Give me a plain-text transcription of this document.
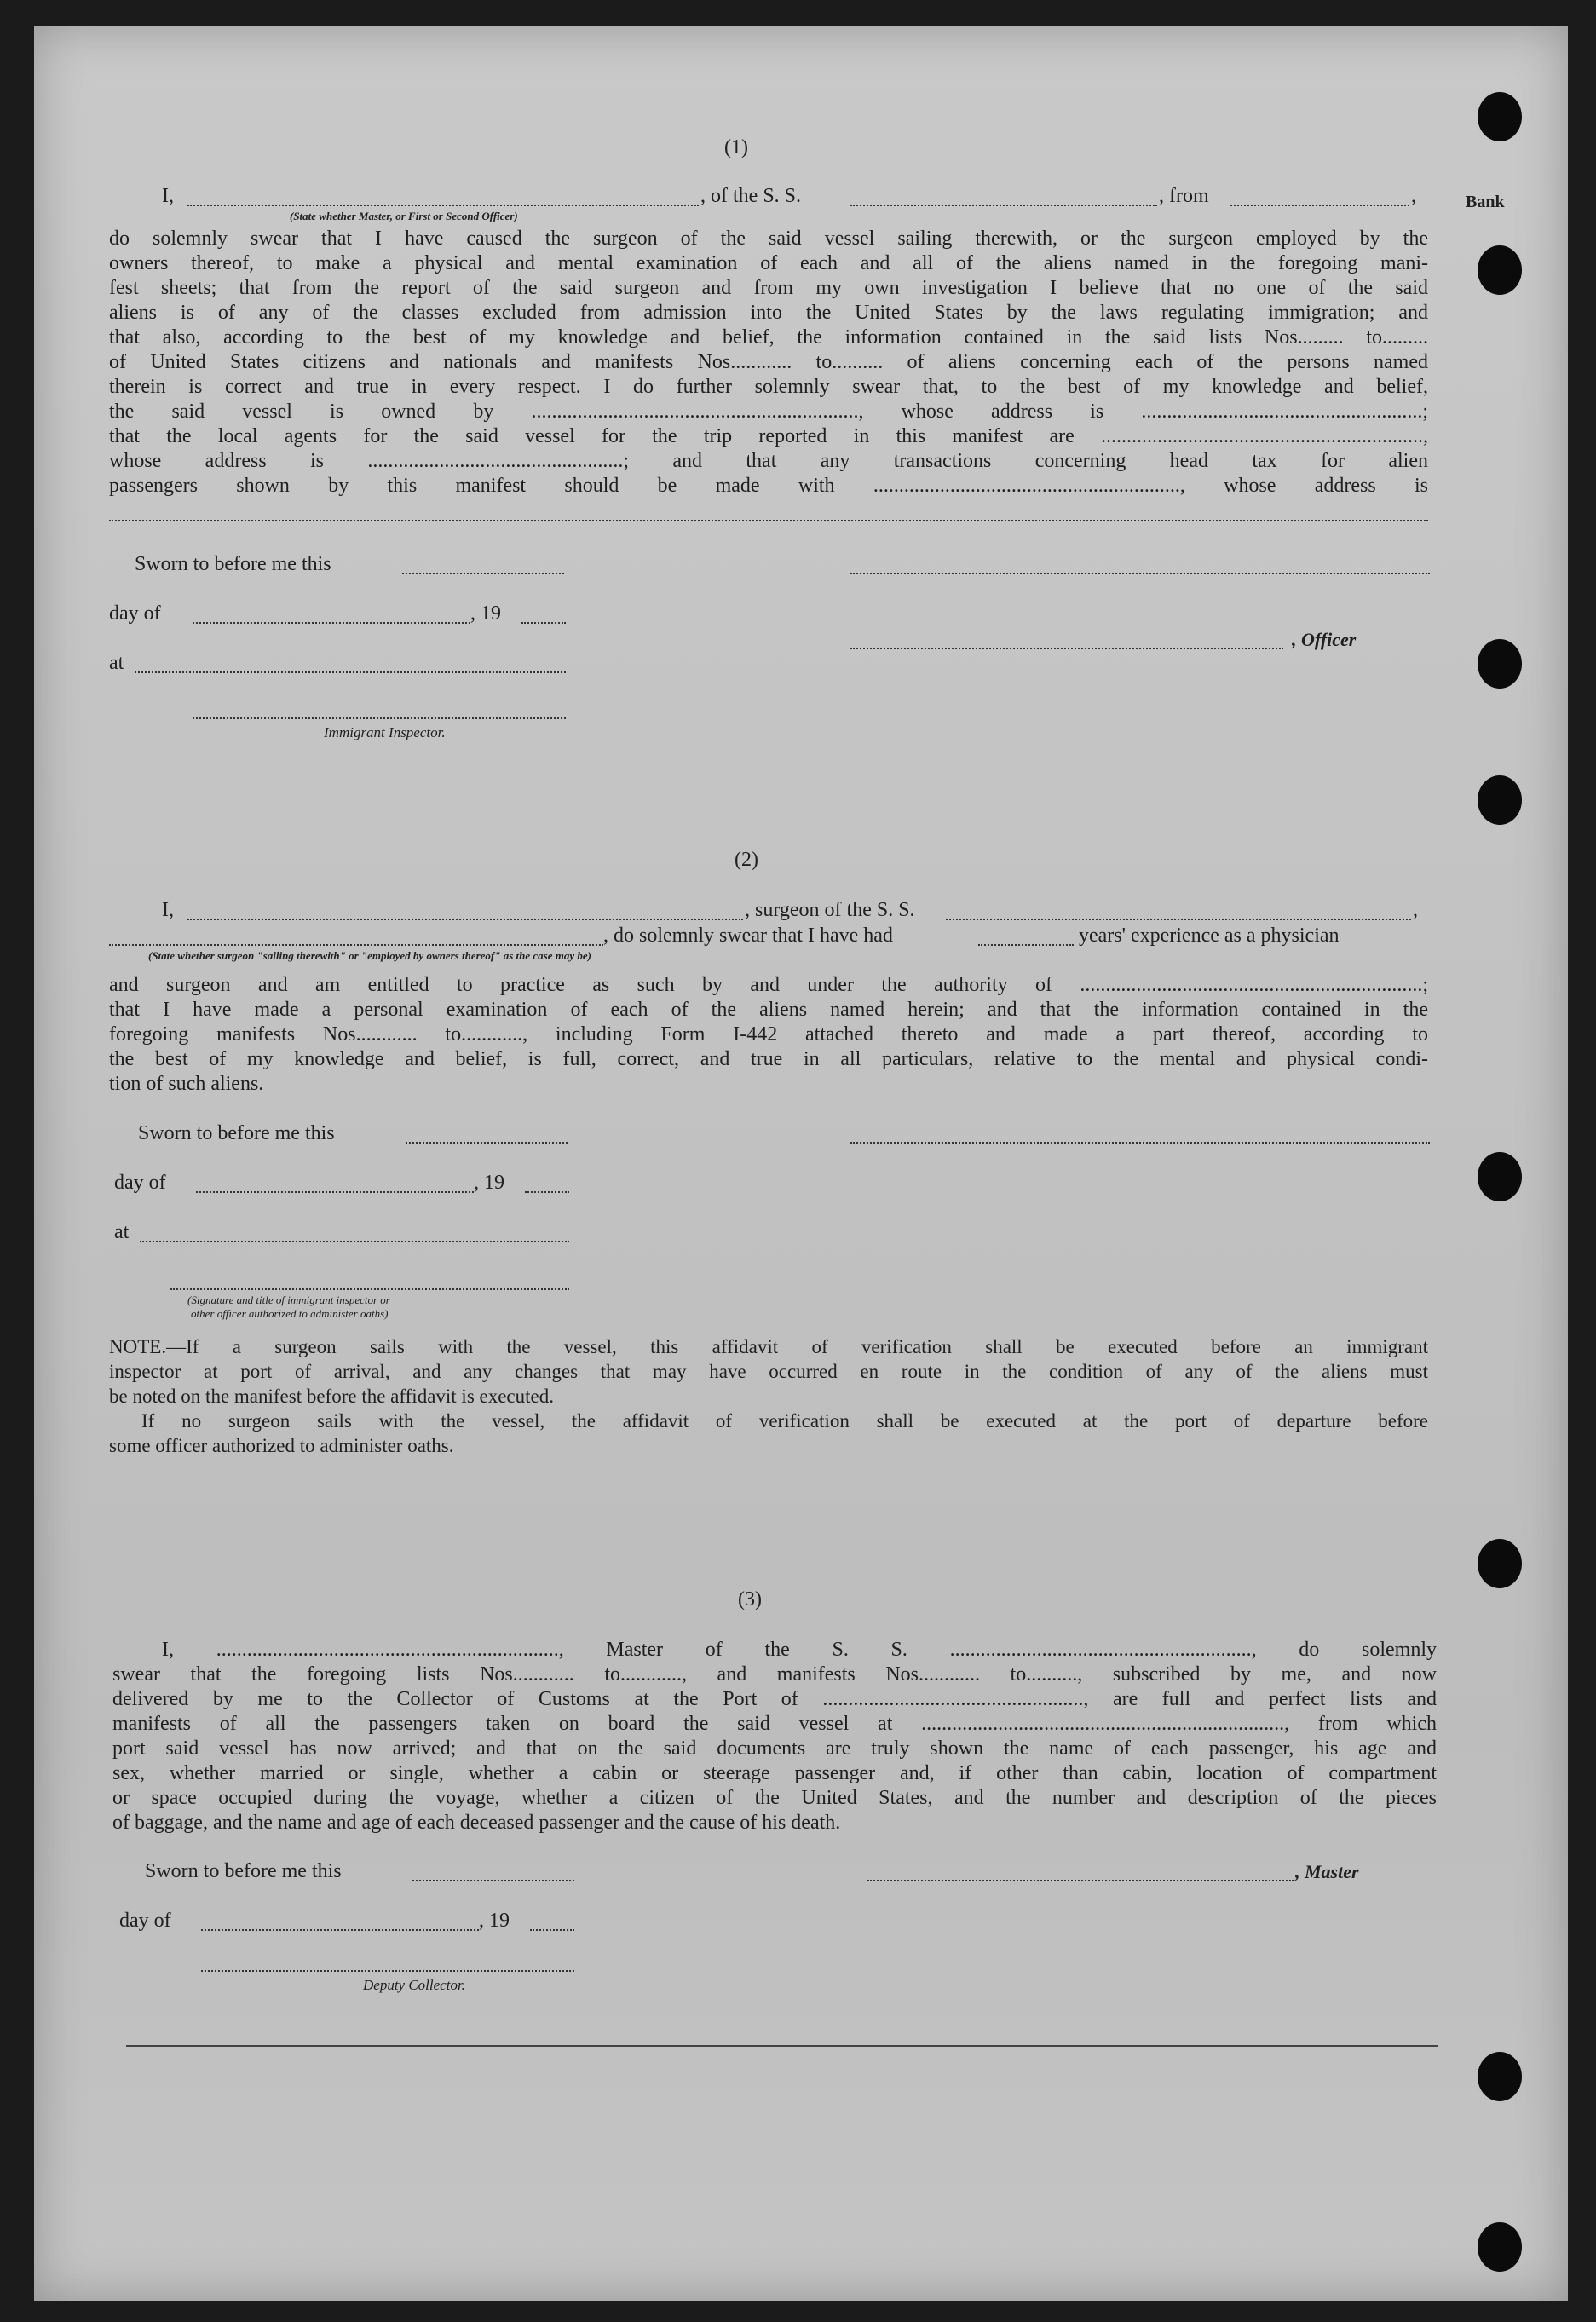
Bank
(1)
I,	, of the S. S.	, from	,
(State whether Master, or First or Second Officer)
do solemnly swear that I have caused the surgeon of the said vessel sailing therewith, or the surgeon employed by the
owners thereof, to make a physical and mental examination of each and all of the aliens named in the foregoing mani-
fest sheets; that from the report of the said surgeon and from my own investigation I believe that no one of the said
aliens is of any of the classes excluded from admission into the United States by the laws regulating immigration; and
that also, according to the best of my knowledge and belief, the information contained in the said lists Nos......... to.........
of United States citizens and nationals and manifests Nos............ to.......... of aliens concerning each of the persons named
therein is correct and true in every respect. I do further solemnly swear that, to the best of my knowledge and belief,
the said vessel is owned by ................................................................, whose address is .......................................................;
that the local agents for the said vessel for the trip reported in this manifest are ...............................................................,
whose address is ..................................................; and that any transactions concerning head tax for alien
passengers shown by this manifest should be made with ............................................................, whose address is
Sworn to before me this
day of	, 19
, Officer
at
Immigrant Inspector.
(2)
I,	, surgeon of the S. S.	,
, do solemnly swear that I have had	years' experience as a physician
(State whether surgeon "sailing therewith" or "employed by owners thereof" as the case may be)
and surgeon and am entitled to practice as such by and under the authority of ...................................................................;
that I have made a personal examination of each of the aliens named herein; and that the information contained in the
foregoing manifests Nos............ to............, including Form I-442 attached thereto and made a part thereof, according to
the best of my knowledge and belief, is full, correct, and true in all particulars, relative to the mental and physical condi-
tion of such aliens.
Sworn to before me this
day of	, 19
at
(Signature and title of immigrant inspector or
other officer authorized to administer oaths)
NOTE.—If a surgeon sails with the vessel, this affidavit of verification shall be executed before an immigrant
inspector at port of arrival, and any changes that may have occurred en route in the condition of any of the aliens must
be noted on the manifest before the affidavit is executed.
If no surgeon sails with the vessel, the affidavit of verification shall be executed at the port of departure before
some officer authorized to administer oaths.
(3)
I, ..................................................................., Master of the S. S. ..........................................................., do solemnly
swear that the foregoing lists Nos............ to............, and manifests Nos............ to.........., subscribed by me, and now
delivered by me to the Collector of Customs at the Port of ..................................................., are full and perfect lists and
manifests of all the passengers taken on board the said vessel at ......................................................................., from which
port said vessel has now arrived; and that on the said documents are truly shown the name of each passenger, his age and
sex, whether married or single, whether a cabin or steerage passenger and, if other than cabin, location of compartment
or space occupied during the voyage, whether a citizen of the United States, and the number and description of the pieces
of baggage, and the name and age of each deceased passenger and the cause of his death.
Sworn to before me this	, Master
day of	, 19
Deputy Collector.
